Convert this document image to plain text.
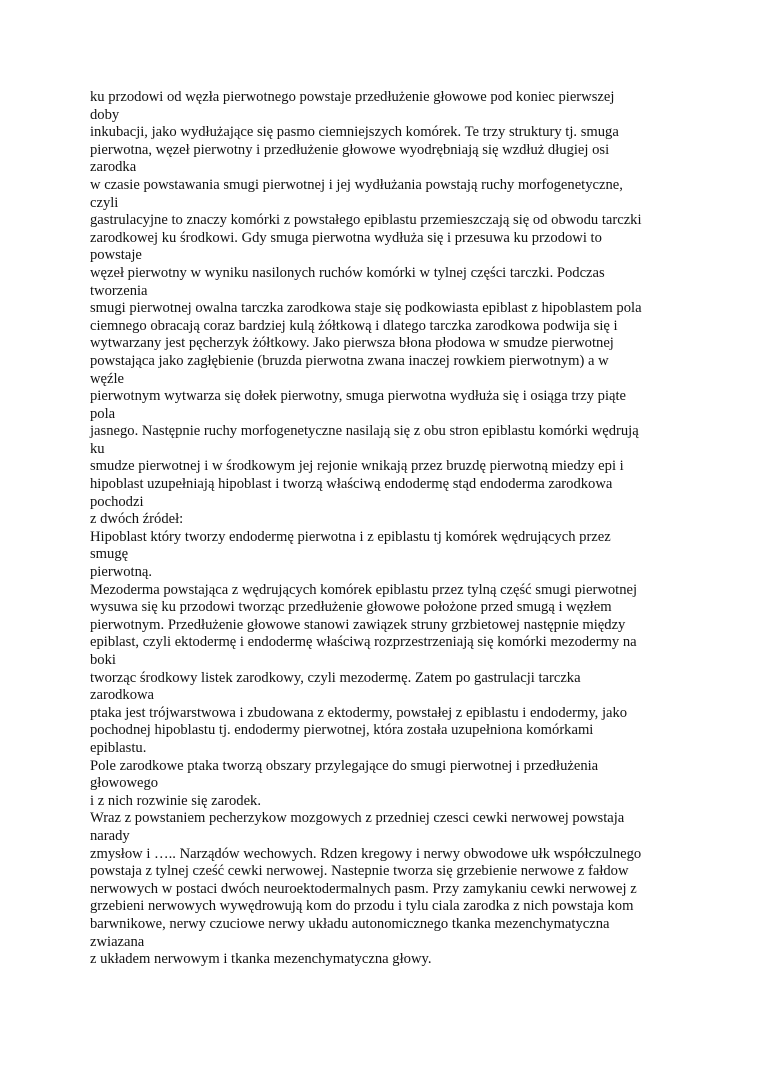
ku przodowi od węzła pierwotnego powstaje przedłużenie głowowe pod koniec pierwszej
doby
inkubacji, jako wydłużające się pasmo ciemniejszych komórek. Te trzy struktury tj. smuga
pierwotna, węzeł pierwotny i przedłużenie głowowe wyodrębniają się wzdłuż długiej osi
zarodka
w czasie powstawania smugi pierwotnej i jej wydłużania powstają ruchy morfogenetyczne,
czyli
gastrulacyjne to znaczy komórki z powstałego epiblastu przemieszczają się od obwodu tarczki
zarodkowej ku środkowi. Gdy smuga pierwotna wydłuża się i przesuwa ku przodowi to
powstaje
węzeł pierwotny w wyniku nasilonych ruchów komórki w tylnej części tarczki. Podczas
tworzenia
smugi pierwotnej owalna tarczka zarodkowa staje się podkowiasta epiblast z hipoblastem pola
ciemnego obracają coraz bardziej kulą żółtkową i dlatego tarczka zarodkowa podwija się i
wytwarzany jest pęcherzyk żółtkowy. Jako pierwsza błona płodowa w smudze pierwotnej
powstająca jako zagłębienie (bruzda pierwotna zwana inaczej rowkiem pierwotnym) a w
węźle
pierwotnym wytwarza się dołek pierwotny, smuga pierwotna wydłuża się i osiąga trzy piąte
pola
jasnego. Następnie ruchy morfogenetyczne nasilają się z obu stron epiblastu komórki wędrują
ku
smudze pierwotnej i w środkowym jej rejonie wnikają przez bruzdę pierwotną miedzy epi i
hipoblast uzupełniają hipoblast i tworzą właściwą endodermę stąd endoderma zarodkowa
pochodzi
z dwóch źródeł:
Hipoblast który tworzy endodermę pierwotna i z epiblastu tj komórek wędrujących przez
smugę
pierwotną.
Mezoderma powstająca z wędrujących komórek epiblastu przez tylną część smugi pierwotnej
wysuwa się ku przodowi tworząc przedłużenie głowowe położone przed smugą i węzłem
pierwotnym. Przedłużenie głowowe stanowi zawiązek struny grzbietowej następnie między
epiblast, czyli ektodermę i endodermę właściwą rozprzestrzeniają się komórki mezodermy na
boki
tworząc środkowy listek zarodkowy, czyli mezodermę. Zatem po gastrulacji tarczka
zarodkowa
ptaka jest trójwarstwowa i zbudowana z ektodermy, powstałej z epiblastu i endodermy, jako
pochodnej hipoblastu tj. endodermy pierwotnej, która została uzupełniona komórkami
epiblastu.
Pole zarodkowe ptaka tworzą obszary przylegające do smugi pierwotnej i przedłużenia
głowowego
i z nich rozwinie się zarodek.
Wraz z powstaniem pecherzykow mozgowych z przedniej czesci cewki nerwowej powstaja
narady
zmysłow i ….. Narządów wechowych. Rdzen kregowy i nerwy obwodowe ułk współczulnego
powstaja z tylnej cześć cewki nerwowej. Nastepnie tworza się grzebienie nerwowe z fałdow
nerwowych w postaci dwóch neuroektodermalnych pasm. Przy zamykaniu cewki nerwowej z
grzebieni nerwowych wywędrowują kom do przodu i tylu ciala zarodka z nich powstaja kom
barwnikowe, nerwy czuciowe nerwy układu autonomicznego tkanka mezenchymatyczna
zwiazana
z układem nerwowym i tkanka mezenchymatyczna głowy.
